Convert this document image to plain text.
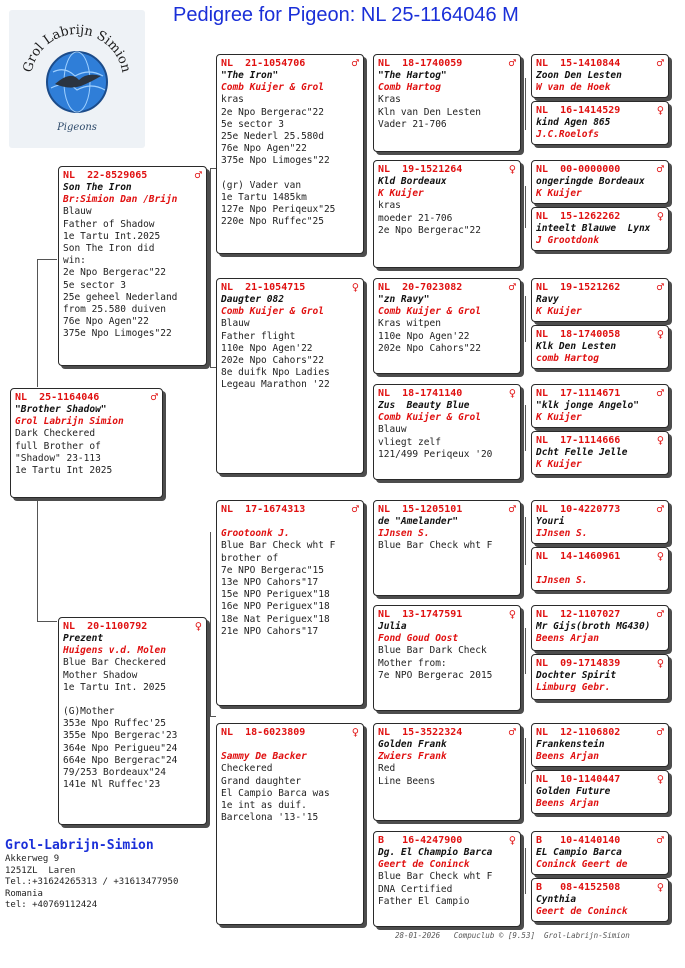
Pedigree for Pigeon: NL 25-1164046 M
Grol Labrijn Simion
Pigeons
NL  25-1164046	♂
"Brother Shadow"
Grol Labrijn Simion
Dark Checkered
full Brother of
"Shadow" 23-113
1e Tartu Int 2025
NL  22-8529065	♂
Son The Iron
Br:Simion Dan /Brijn
Blauw
Father of Shadow
1e Tartu Int.2025
Son The Iron did
win:
2e Npo Bergerac"22
5e sector 3
25e geheel Nederland
from 25.580 duiven
76e Npo Agen"22
375e Npo Limoges"22
NL  20-1100792	♀
Prezent
Huigens v.d. Molen
Blue Bar Checkered
Mother Shadow
1e Tartu Int. 2025
(G)Mother
353e Npo Ruffec'25
355e Npo Bergerac'23
364e Npo Perigueu"24
664e Npo Bergerac"24
79/253 Bordeaux"24
141e Nl Ruffec'23
NL  21-1054706	♂
"The Iron"
Comb Kuijer & Grol
kras
2e Npo Bergerac"22
5e sector 3
25e Nederl 25.580d
76e Npo Agen"22
375e Npo Limoges"22
(gr) Vader van
1e Tartu 1485km
127e Npo Periqeux"25
220e Npo Ruffec"25
NL  21-1054715	♀
Daugter 082
Comb Kuijer & Grol
Blauw
Father flight
110e Npo Agen'22
202e Npo Cahors"22
8e duifk Npo Ladies
Legeau Marathon '22
NL  17-1674313	♂

Grootoonk J.
Blue Bar Check wht F
brother of
7e NPO Bergerac"15
13e NPO Cahors"17
15e NPO Periguex"18
16e NPO Periguex"18
18e Nat Periguex"18
21e NPO Cahors"17
NL  18-6023809	♀

Sammy De Backer
Checkered
Grand daughter
El Campio Barca was
1e int as duif.
Barcelona '13-'15
NL  18-1740059	♂
"The Hartog"
Comb Hartog
Kras
Kln van Den Lesten
Vader 21-706
NL  19-1521264	♀
Kld Bordeaux
K Kuijer
kras
moeder 21-706
2e Npo Bergerac"22
NL  20-7023082	♂
"zn Ravy"
Comb Kuijer & Grol
Kras witpen
110e Npo Agen'22
202e Npo Cahors"22
NL  18-1741140	♀
Zus  Beauty Blue
Comb Kuijer & Grol
Blauw
vliegt zelf
121/499 Periqeux '20
NL  15-1205101	♂
de "Amelander"
IJnsen S.
Blue Bar Check wht F
NL  13-1747591	♀
Julia
Fond Goud Oost
Blue Bar Dark Check
Mother from:
7e NPO Bergerac 2015
NL  15-3522324	♂
Golden Frank
Zwiers Frank
Red
Line Beens
B   16-4247900	♀
Dg. El Champio Barca
Geert de Coninck
Blue Bar Check wht F
DNA Certified
Father El Campio
NL  15-1410844	♂
Zoon Den Lesten
W van de Hoek
NL  16-1414529	♀
kind Agen 865
J.C.Roelofs
NL  00-0000000	♂
ongeringde Bordeaux
K Kuijer
NL  15-1262262	♀
inteelt Blauwe  Lynx
J Grootdonk
NL  19-1521262	♂
Ravy
K Kuijer
NL  18-1740058	♀
Klk Den Lesten
comb Hartog
NL  17-1114671	♂
"klk jonge Angelo"
K Kuijer
NL  17-1114666	♀
Dcht Felle Jelle
K Kuijer
NL  10-4220773	♂
Youri
IJnsen S.
NL  14-1460961	♀

IJnsen S.
NL  12-1107027	♂
Mr Gijs(broth MG430)
Beens Arjan
NL  09-1714839	♀
Dochter Spirit
Limburg Gebr.
NL  12-1106802	♂
Frankenstein
Beens Arjan
NL  10-1140447	♀
Golden Future
Beens Arjan
B   10-4140140	♂
EL Campio Barca
Coninck Geert de
B   08-4152508	♀
Cynthia
Geert de Coninck
Grol-Labrijn-Simion
Akkerweg 9
1251ZL  Laren
Tel.:+31624265313 / +31613477950
Romania
tel: +40769112424
28-01-2026   Compuclub © [9.53]  Grol-Labrijn-Simion
